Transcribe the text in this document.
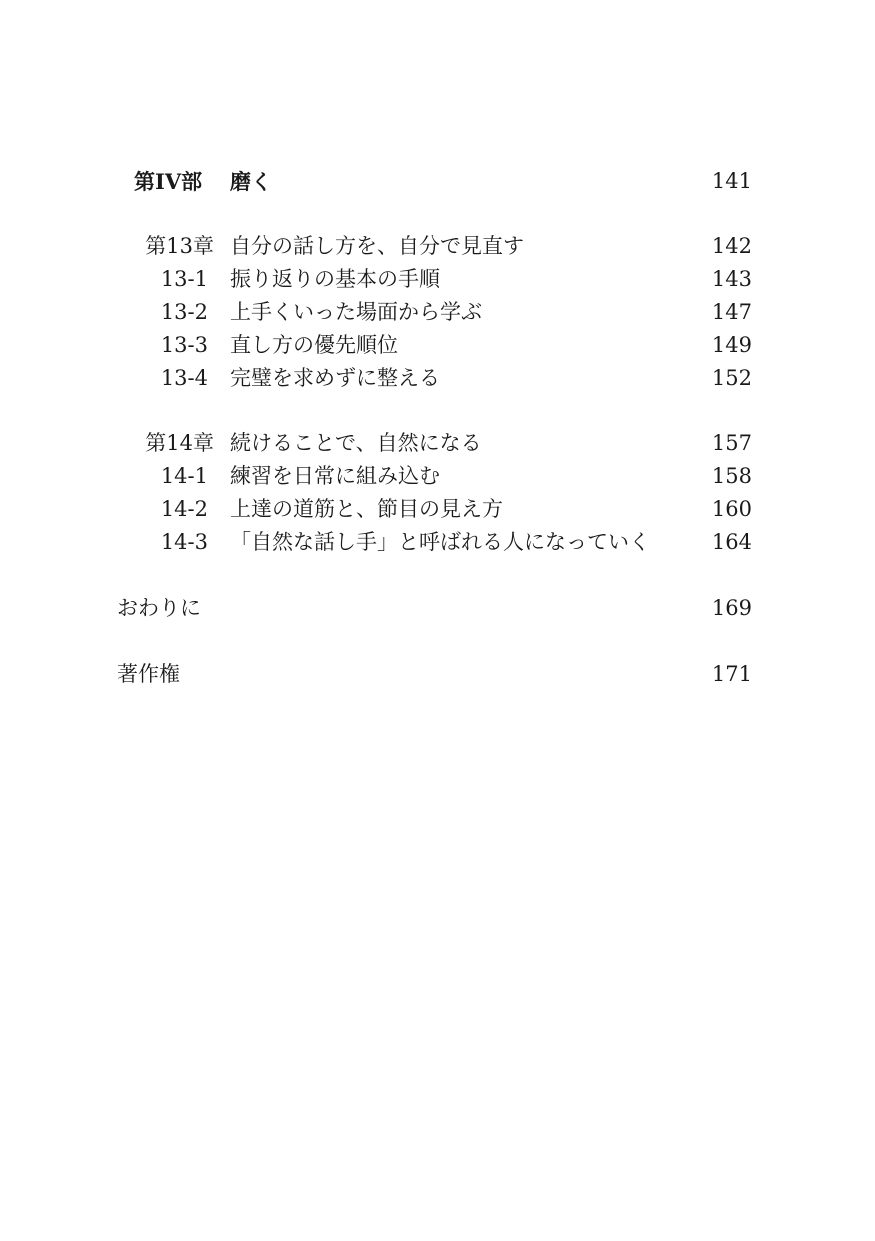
第IV部 磨く	141
第13章 自分の話し方を、自分で見直す	142
13-1 振り返りの基本の手順	143
13-2 上手くいった場面から学ぶ	147
13-3 直し方の優先順位	149
13-4 完璧を求めずに整える	152
第14章 続けることで、自然になる	157
14-1 練習を日常に組み込む	158
14-2 上達の道筋と、節目の見え方	160
14-3 「自然な話し手」と呼ばれる人になっていく	164
おわりに	169
著作権	171
